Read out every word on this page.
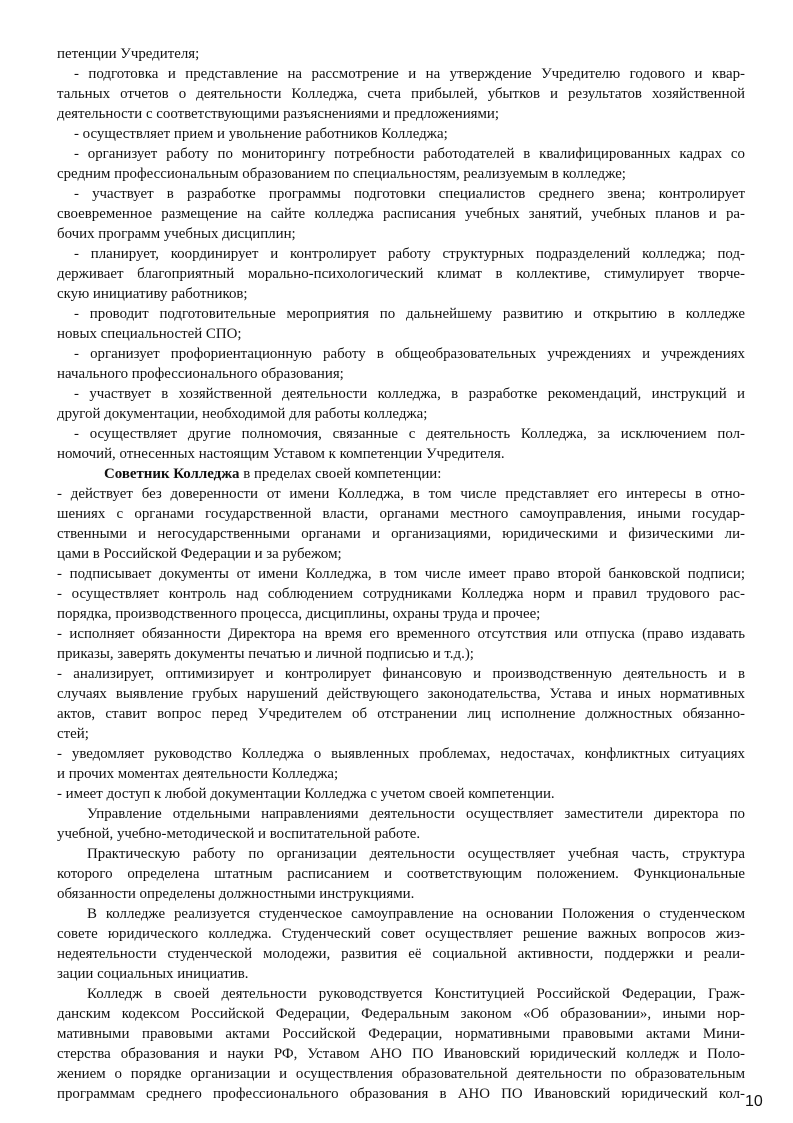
петенции Учредителя;
- подготовка и представление на рассмотрение и на утверждение Учредителю годового и квар-
тальных отчетов о деятельности Колледжа, счета прибылей, убытков и результатов хозяйственной
деятельности с соответствующими разъяснениями и предложениями;
- осуществляет прием и увольнение работников Колледжа;
- организует работу по мониторингу потребности работодателей в квалифицированных кадрах со
средним профессиональным образованием по специальностям, реализуемым в колледже;
- участвует в разработке программы подготовки специалистов среднего звена; контролирует
своевременное размещение на сайте колледжа расписания учебных занятий, учебных планов и ра-
бочих программ учебных дисциплин;
- планирует, координирует и контролирует работу структурных подразделений колледжа; под-
держивает благоприятный морально-психологический климат в коллективе, стимулирует творче-
скую инициативу работников;
- проводит подготовительные мероприятия по дальнейшему развитию и открытию в колледже
новых специальностей СПО;
- организует профориентационную работу в общеобразовательных учреждениях и учреждениях
начального профессионального образования;
- участвует в хозяйственной деятельности колледжа, в разработке рекомендаций, инструкций и
другой документации, необходимой для работы колледжа;
- осуществляет другие полномочия, связанные с деятельность Колледжа, за исключением пол-
номочий, отнесенных настоящим Уставом к компетенции Учредителя.
Советник Колледжа в пределах своей компетенции:
- действует без доверенности от имени Колледжа, в том числе представляет его интересы в отно-
шениях с органами государственной власти, органами местного самоуправления, иными государ-
ственными и негосударственными органами и организациями, юридическими и физическими ли-
цами в Российской Федерации и за рубежом;
- подписывает документы от имени Колледжа, в том числе имеет право второй банковской подписи;
- осуществляет контроль над соблюдением сотрудниками Колледжа норм и правил трудового рас-
порядка, производственного процесса, дисциплины, охраны труда и прочее;
- исполняет обязанности Директора на время его временного отсутствия или отпуска (право издавать
приказы, заверять документы печатью и личной подписью и т.д.);
- анализирует, оптимизирует и контролирует финансовую и производственную деятельность и в
случаях выявление грубых нарушений действующего законодательства, Устава и иных нормативных
актов, ставит вопрос перед Учредителем об отстранении лиц исполнение должностных обязанно-
стей;
- уведомляет руководство Колледжа о выявленных проблемах, недостачах, конфликтных ситуациях
и прочих моментах деятельности Колледжа;
- имеет доступ к любой документации Колледжа с учетом своей компетенции.
Управление отдельными направлениями деятельности осуществляет заместители директора по
учебной, учебно-методической и воспитательной работе.
Практическую работу по организации деятельности осуществляет учебная часть, структура
которого определена штатным расписанием и соответствующим положением. Функциональные
обязанности определены должностными инструкциями.
В колледже реализуется студенческое самоуправление на основании Положения о студенческом
совете юридического колледжа. Студенческий совет осуществляет решение важных вопросов жиз-
недеятельности студенческой молодежи, развития её социальной активности, поддержки и реали-
зации социальных инициатив.
Колледж в своей деятельности руководствуется Конституцией Российской Федерации, Граж-
данским кодексом Российской Федерации, Федеральным законом «Об образовании», иными нор-
мативными правовыми актами Российской Федерации, нормативными правовыми актами Мини-
стерства образования и науки РФ, Уставом АНО ПО Ивановский юридический колледж и Поло-
жением о порядке организации и осуществления образовательной деятельности по образовательным
программам среднего профессионального образования в АНО ПО Ивановский юридический кол- 10
